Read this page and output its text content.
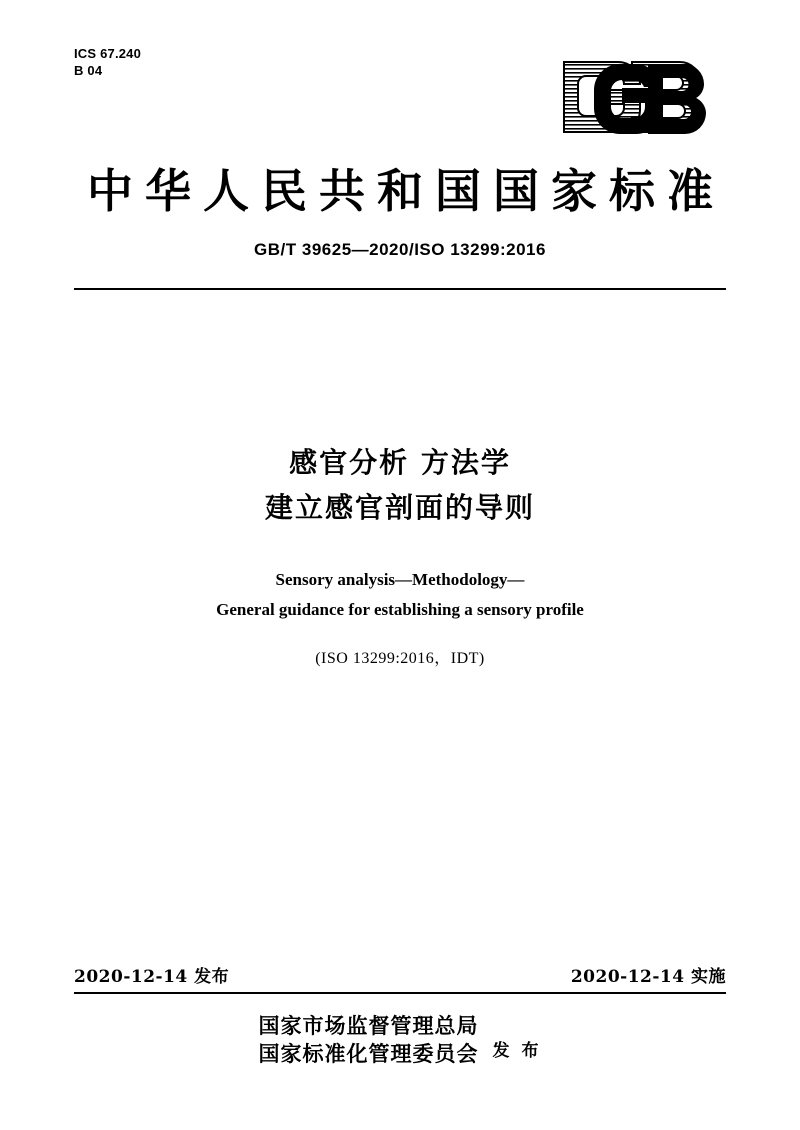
ICS 67.240
B 04
中华人民共和国国家标准
GB/T 39625—2020/ISO 13299:2016
感官分析 方法学
建立感官剖面的导则
Sensory analysis—Methodology—
General guidance for establishing a sensory profile
(ISO 13299:2016，IDT)
2020-12-14 发布	2020-12-14 实施
国家市场监督管理总局
国家标准化管理委员会 发 布
